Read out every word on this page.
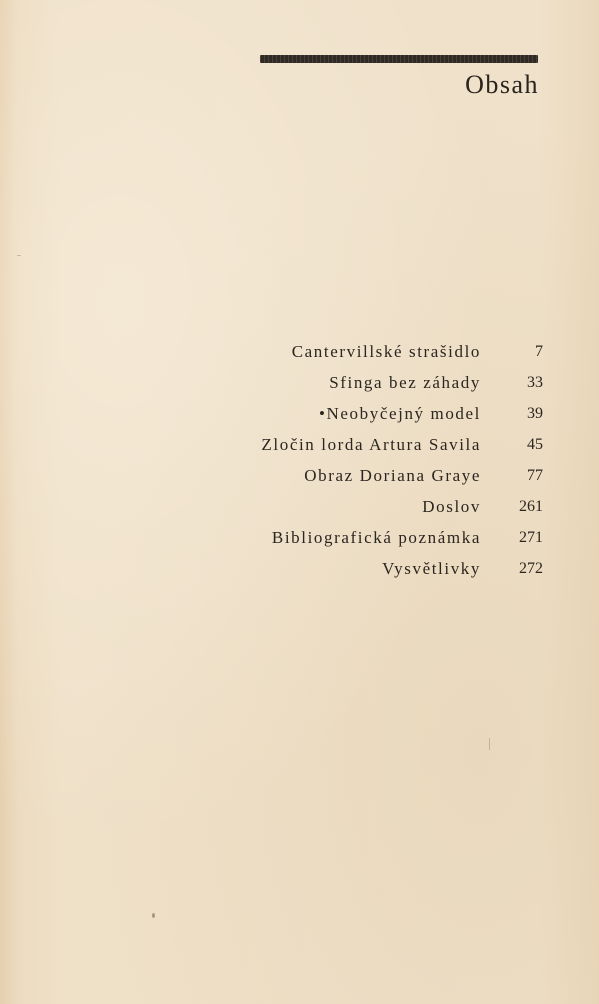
Obsah
Cantervillské strašidlo	7
Sfinga bez záhady	33
•Neobyčejný model	39
Zločin lorda Artura Savila	45
Obraz Doriana Graye	77
Doslov 261
Bibliografická poznámka 271
Vysvětlivky 272
